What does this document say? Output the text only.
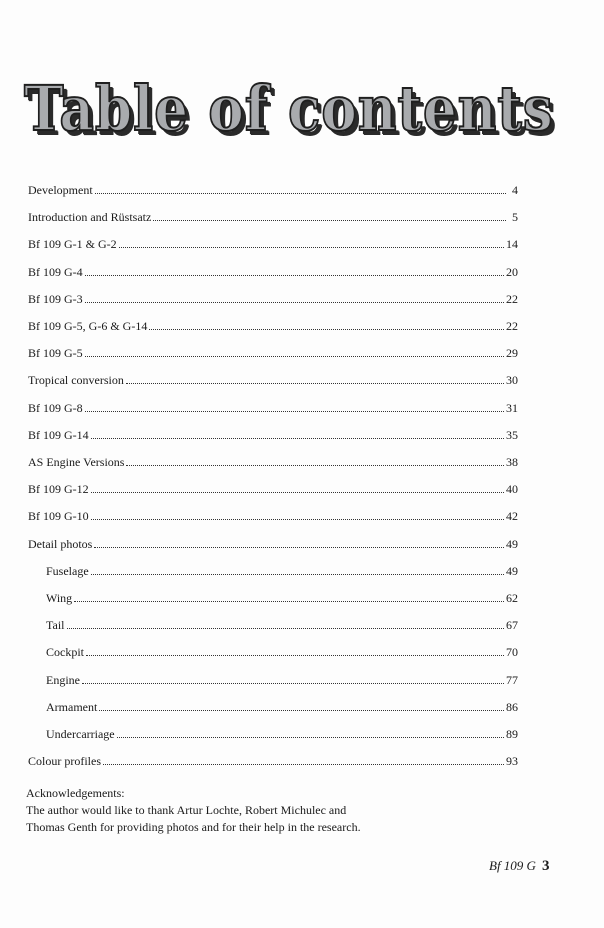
Table of contents
Development	4
Introduction and Rüstsatz	5
Bf 109 G-1 & G-2	14
Bf 109 G-4	20
Bf 109 G-3	22
Bf 109 G-5, G-6 & G-14	22
Bf 109 G-5	29
Tropical conversion	30
Bf 109 G-8	31
Bf 109 G-14	35
AS Engine Versions	38
Bf 109 G-12	40
Bf 109 G-10	42
Detail photos	49
Fuselage	49
Wing	62
Tail	67
Cockpit	70
Engine	77
Armament	86
Undercarriage	89
Colour profiles	93
Acknowledgements:
The author would like to thank Artur Lochte, Robert Michulec and
Thomas Genth for providing photos and for their help in the research.
Bf 109 G 3
